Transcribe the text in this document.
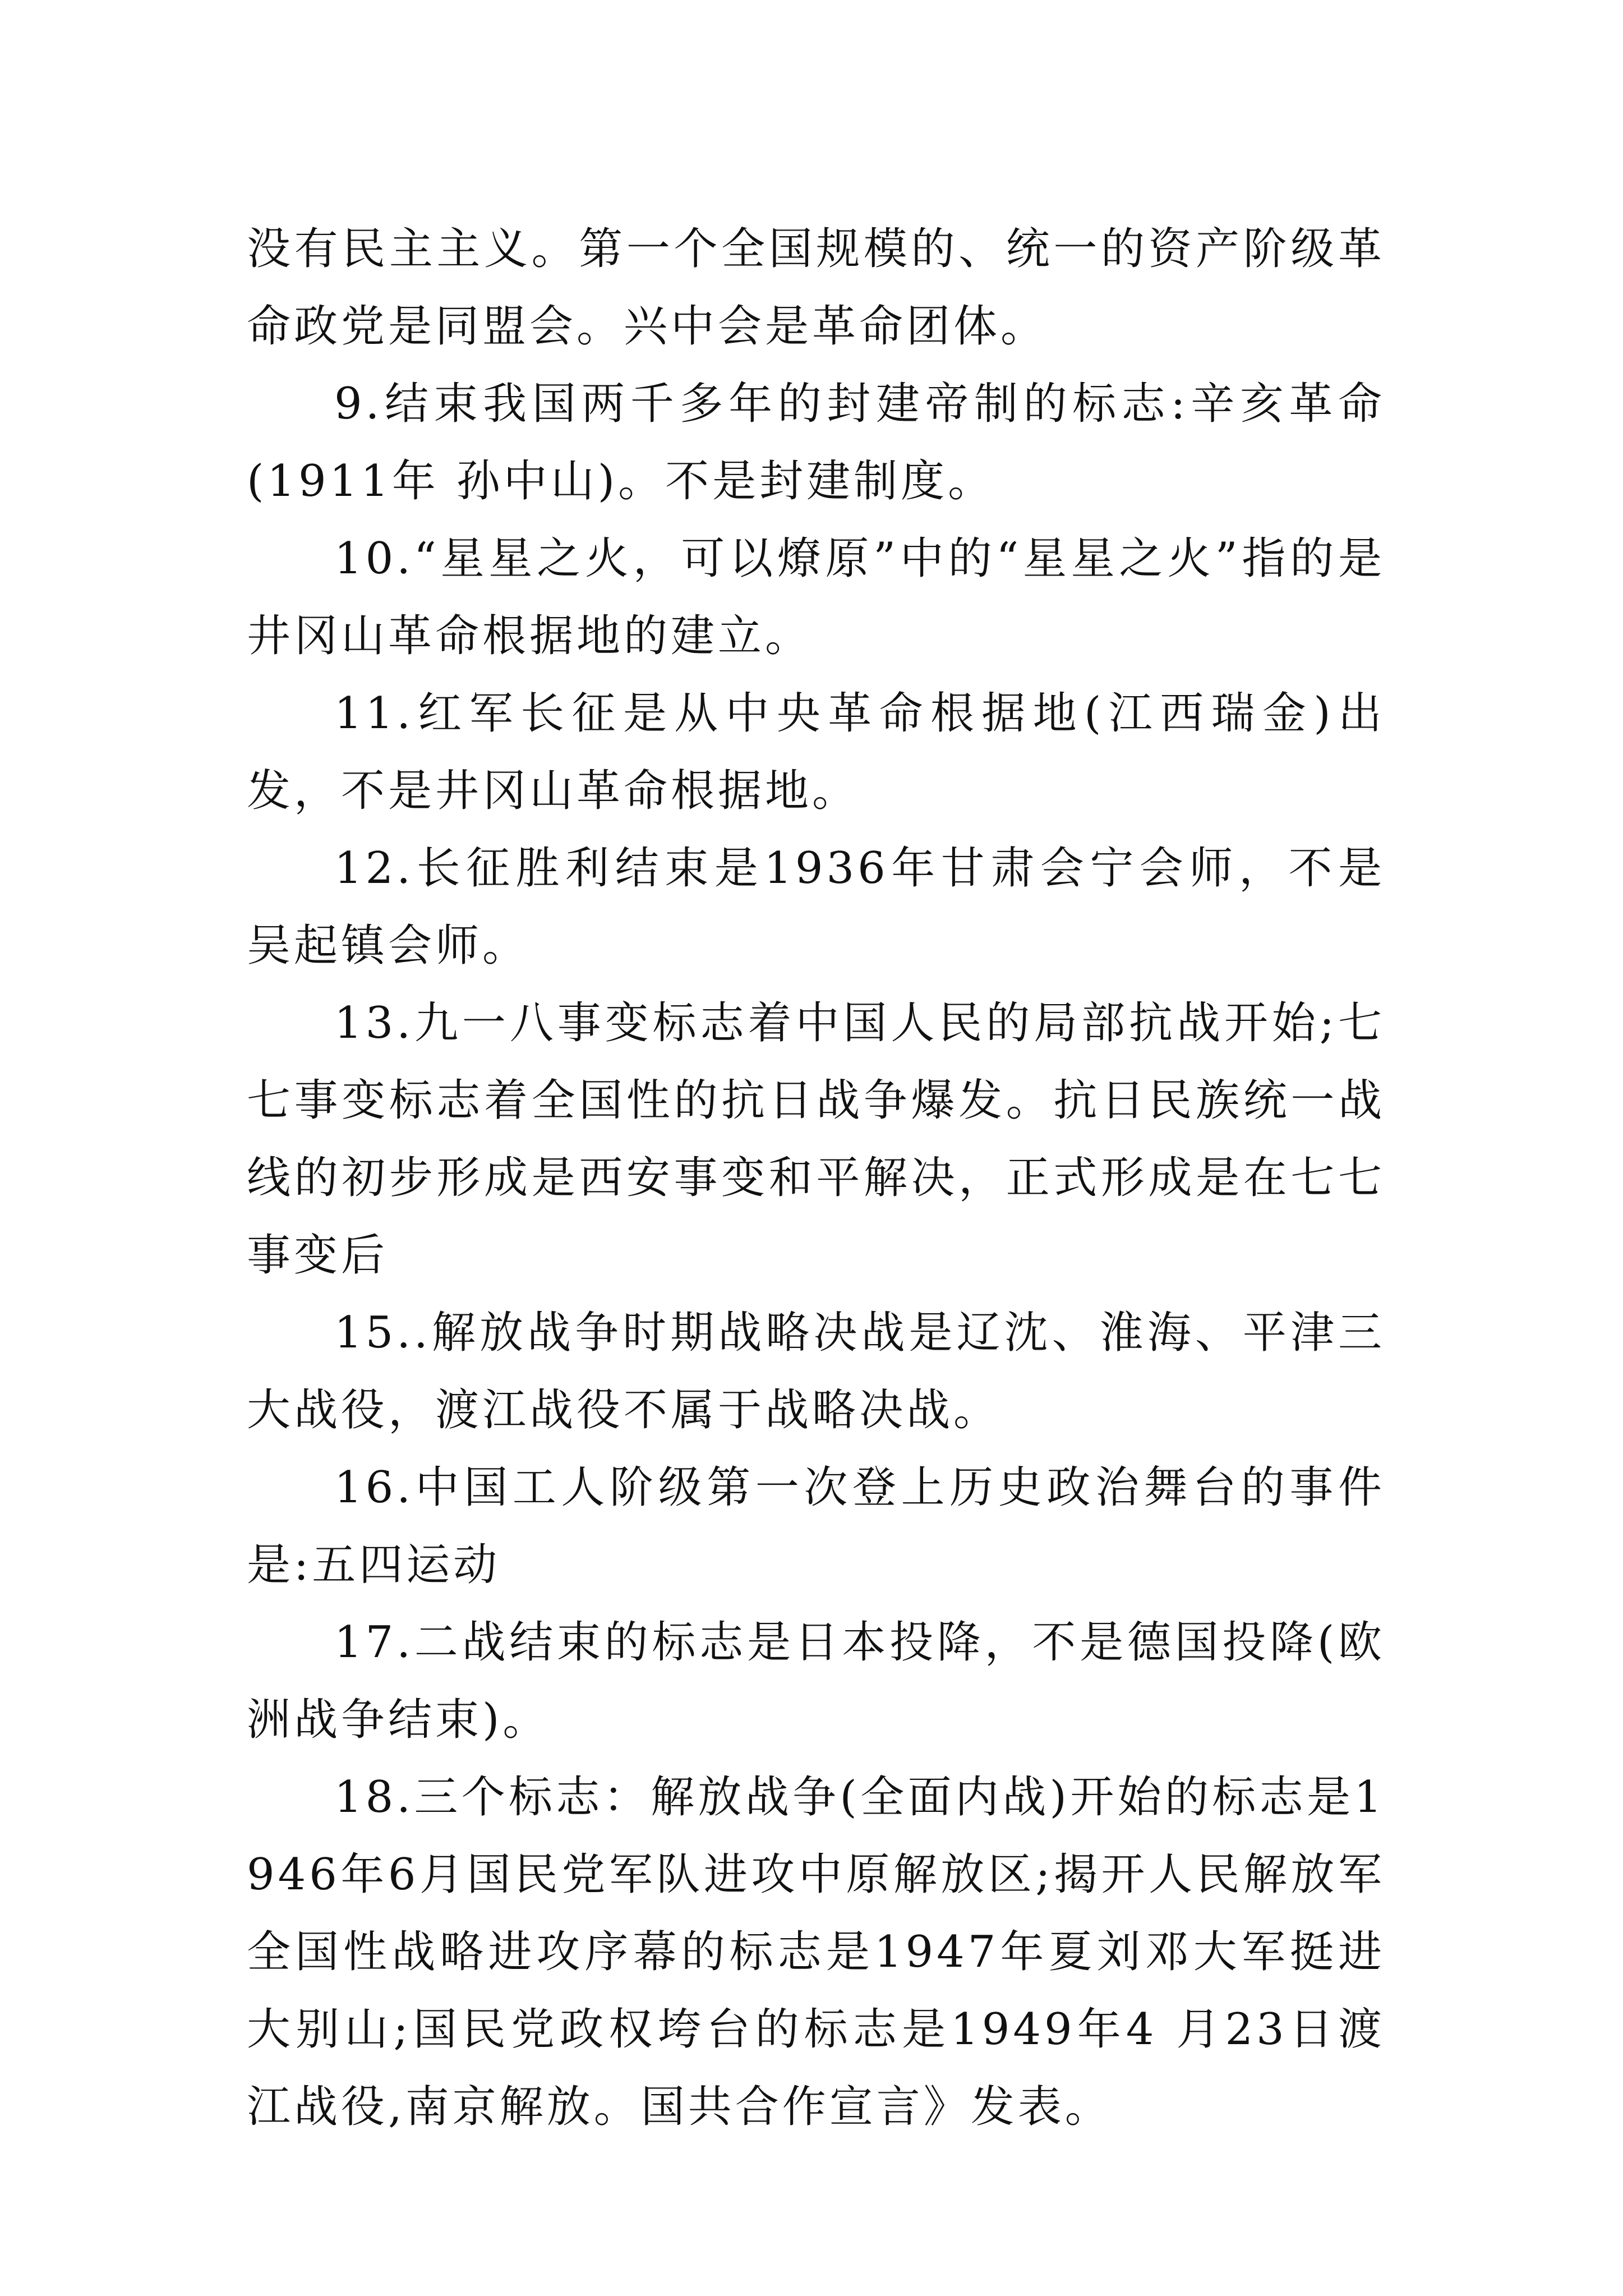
没有民主主义。第一个全国规模的、统一的资产阶级革命政党是同盟会。兴中会是革命团体。

9.结束我国两千多年的封建帝制的标志:辛亥革命(1911年 孙中山)。不是封建制度。

10.“星星之火，可以燎原”中的“星星之火”指的是井冈山革命根据地的建立。

11.红军长征是从中央革命根据地(江西瑞金)出发，不是井冈山革命根据地。

12.长征胜利结束是1936年甘肃会宁会师，不是吴起镇会师。

13.九一八事变标志着中国人民的局部抗战开始;七七事变标志着全国性的抗日战争爆发。抗日民族统一战线的初步形成是西安事变和平解决，正式形成是在七七事变后

15..解放战争时期战略决战是辽沈、淮海、平津三大战役，渡江战役不属于战略决战。

16.中国工人阶级第一次登上历史政治舞台的事件是:五四运动

17.二战结束的标志是日本投降，不是德国投降(欧洲战争结束)。

18.三个标志：解放战争(全面内战)开始的标志是1946年6月国民党军队进攻中原解放区;揭开人民解放军全国性战略进攻序幕的标志是1947年夏刘邓大军挺进大别山;国民党政权垮台的标志是1949年4 月23日渡江战役,南京解放。国共合作宣言》发表。
